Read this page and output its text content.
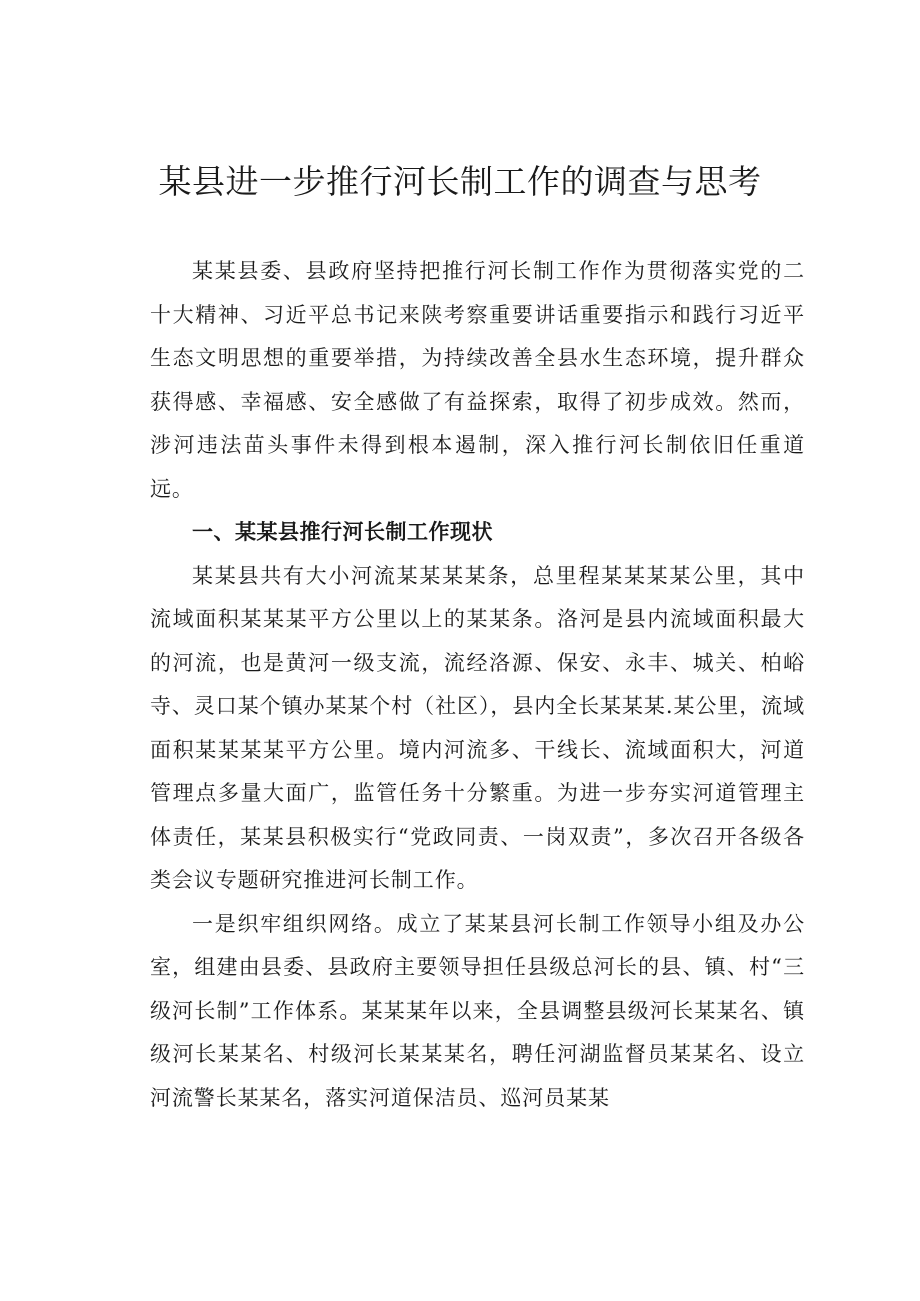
某县进一步推行河长制工作的调查与思考

某某县委、县政府坚持把推行河长制工作作为贯彻落实党的二十大精神、习近平总书记来陕考察重要讲话重要指示和践行习近平生态文明思想的重要举措，为持续改善全县水生态环境，提升群众获得感、幸福感、安全感做了有益探索，取得了初步成效。然而，涉河违法苗头事件未得到根本遏制，深入推行河长制依旧任重道远。

一、某某县推行河长制工作现状

某某县共有大小河流某某某某条，总里程某某某某公里，其中流域面积某某某平方公里以上的某某条。洛河是县内流域面积最大的河流，也是黄河一级支流，流经洛源、保安、永丰、城关、柏峪寺、灵口某个镇办某某个村（社区），县内全长某某某.某公里，流域面积某某某某平方公里。境内河流多、干线长、流域面积大，河道管理点多量大面广，监管任务十分繁重。为进一步夯实河道管理主体责任，某某县积极实行“党政同责、一岗双责”，多次召开各级各类会议专题研究推进河长制工作。

一是织牢组织网络。成立了某某县河长制工作领导小组及办公室，组建由县委、县政府主要领导担任县级总河长的县、镇、村“三级河长制”工作体系。某某某年以来，全县调整县级河长某某名、镇级河长某某名、村级河长某某某名，聘任河湖监督员某某名、设立河流警长某某名，落实河道保洁员、巡河员某某
